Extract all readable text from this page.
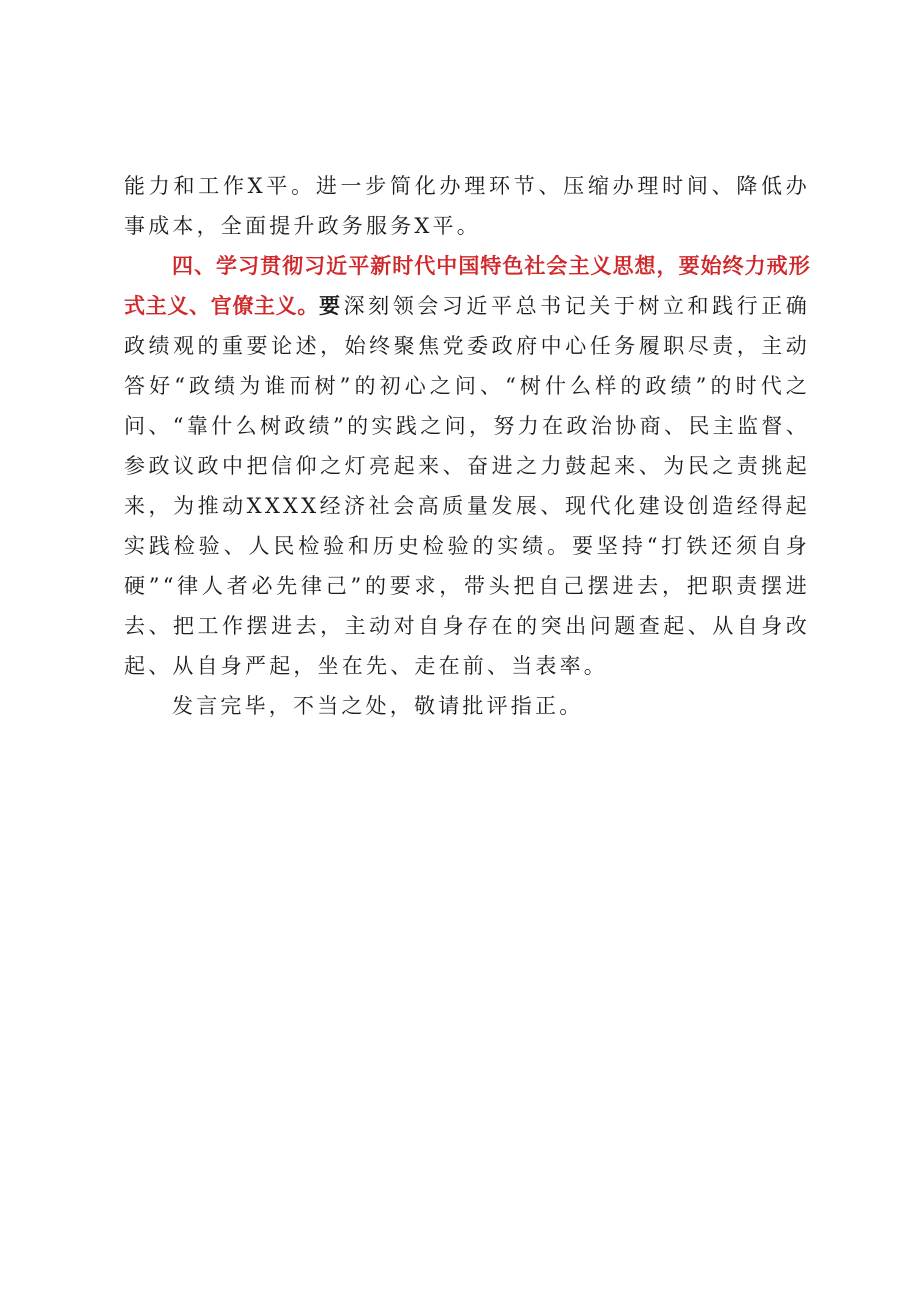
能力和工作X平。进一步简化办理环节、压缩办理时间、降低办事成本，全面提升政务服务X平。

四、学习贯彻习近平新时代中国特色社会主义思想，要始终力戒形式主义、官僚主义。要深刻领会习近平总书记关于树立和践行正确政绩观的重要论述，始终聚焦党委政府中心任务履职尽责，主动答好“政绩为谁而树”的初心之问、“树什么样的政绩”的时代之问、“靠什么树政绩”的实践之问，努力在政治协商、民主监督、参政议政中把信仰之灯亮起来、奋进之力鼓起来、为民之责挑起来，为推动XXXX经济社会高质量发展、现代化建设创造经得起实践检验、人民检验和历史检验的实绩。要坚持“打铁还须自身硬”“律人者必先律己”的要求，带头把自己摆进去，把职责摆进去、把工作摆进去，主动对自身存在的突出问题查起、从自身改起、从自身严起，坐在先、走在前、当表率。

发言完毕，不当之处，敬请批评指正。
